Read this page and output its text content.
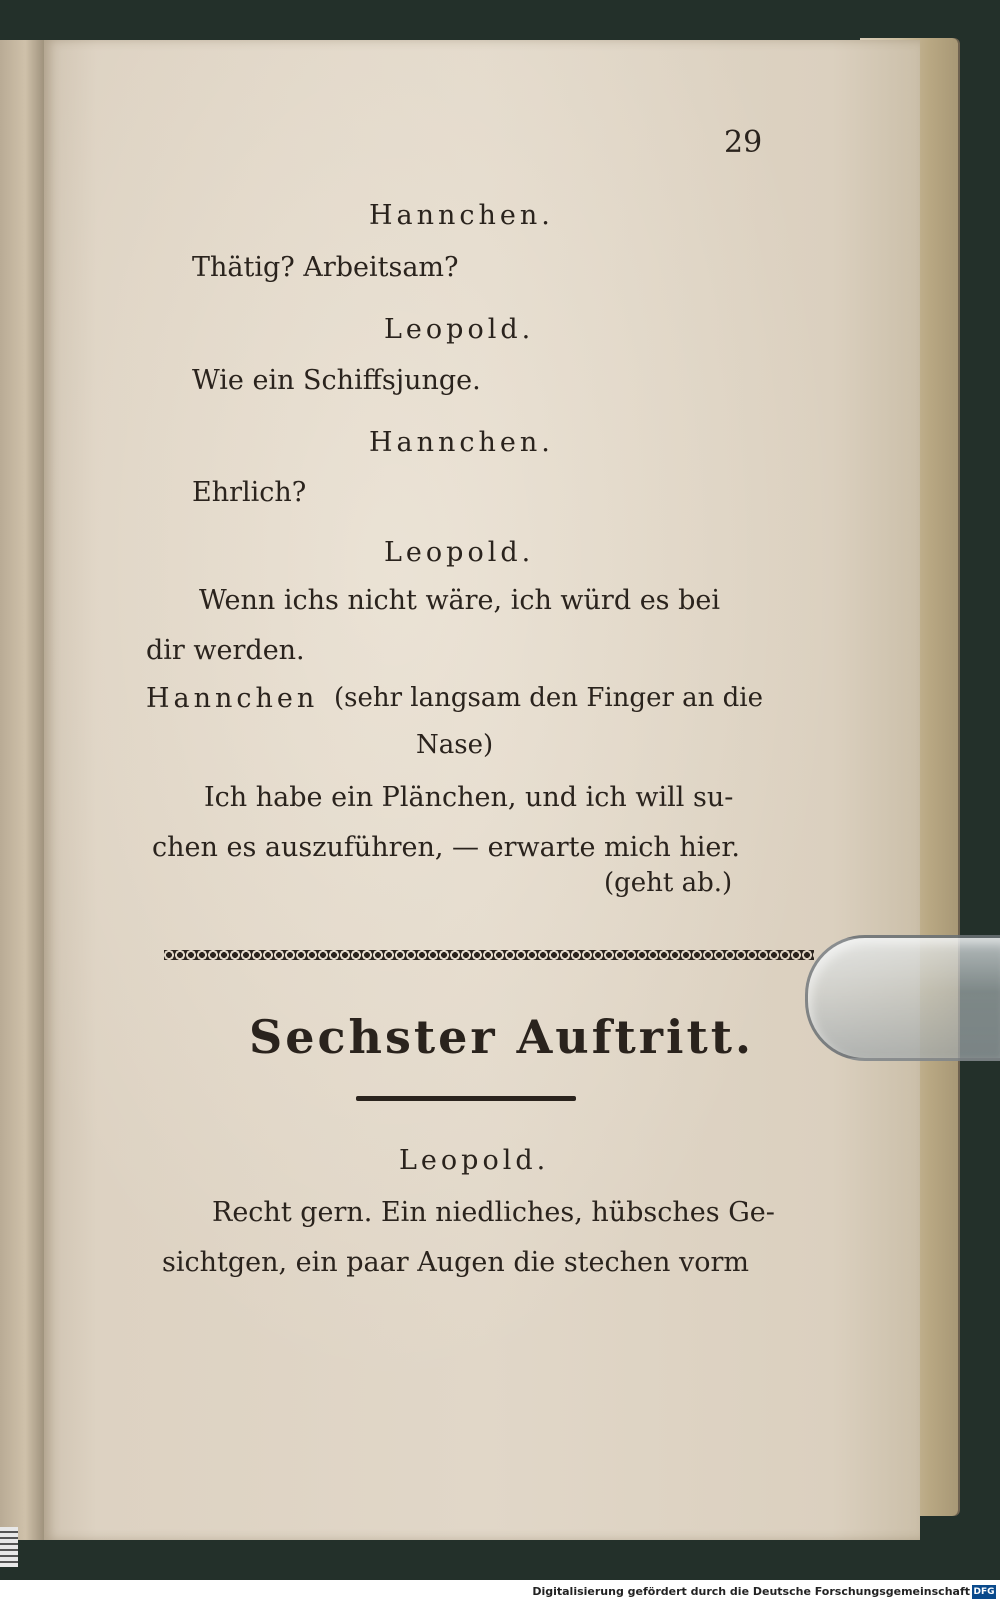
29
Hannchen.
Thätig? Arbeitsam?
Leopold.
Wie ein Schiffsjunge.
Hannchen.
Ehrlich?
Leopold.
Wenn ichs nicht wäre, ich würd es bei
dir werden.
Hannchen (sehr langsam den Finger an die
Nase)
Ich habe ein Plänchen, und ich will su-
chen es auszuführen, — erwarte mich hier.
(geht ab.)
Sechster Auftritt.
Leopold.
Recht gern. Ein niedliches, hübsches Ge-
sichtgen, ein paar Augen die stechen vorm
Digitalisierung gefördert durch die Deutsche Forschungsgemeinschaft DFG
